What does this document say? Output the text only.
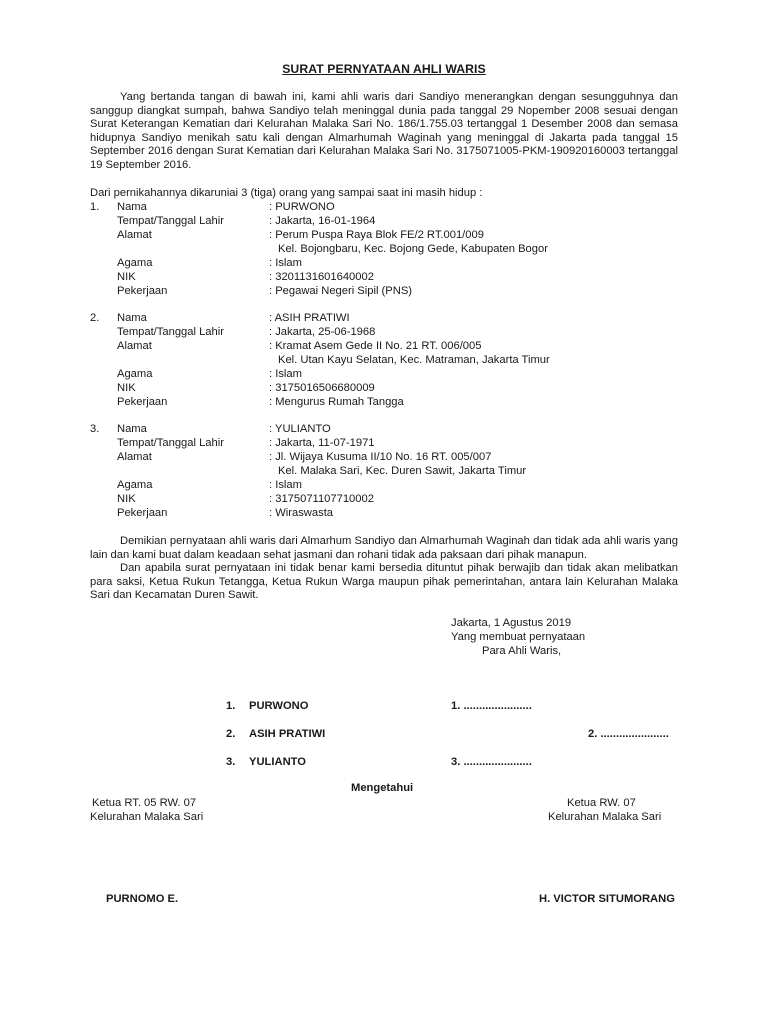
SURAT PERNYATAAN AHLI WARIS
Yang bertanda tangan di bawah ini, kami ahli waris dari Sandiyo menerangkan dengan sesungguhnya dan sanggup diangkat sumpah, bahwa Sandiyo telah meninggal dunia pada tanggal 29 Nopember 2008 sesuai dengan Surat Keterangan Kematian dari Kelurahan Malaka Sari No. 186/1.755.03 tertanggal 1 Desember 2008 dan semasa hidupnya Sandiyo menikah satu kali dengan Almarhumah Waginah yang meninggal di Jakarta pada tanggal 15 September 2016 dengan Surat Kematian dari Kelurahan Malaka Sari No. 3175071005-PKM-190920160003 tertanggal 19 September 2016.
Dari pernikahannya dikaruniai 3 (tiga) orang yang sampai saat ini masih hidup :
1. Nama	: PURWONO
Tempat/Tanggal Lahir	: Jakarta, 16-01-1964
Alamat	: Perum Puspa Raya Blok FE/2 RT.001/009
Kel. Bojongbaru, Kec. Bojong Gede, Kabupaten Bogor
Agama	: Islam
NIK	: 3201131601640002
Pekerjaan	: Pegawai Negeri Sipil (PNS)
2. Nama	: ASIH PRATIWI
Tempat/Tanggal Lahir	: Jakarta, 25-06-1968
Alamat	: Kramat Asem Gede II No. 21 RT. 006/005
Kel. Utan Kayu Selatan, Kec. Matraman, Jakarta Timur
Agama	: Islam
NIK	: 3175016506680009
Pekerjaan	: Mengurus Rumah Tangga
3. Nama	: YULIANTO
Tempat/Tanggal Lahir	: Jakarta, 11-07-1971
Alamat	: Jl. Wijaya Kusuma II/10 No. 16 RT. 005/007
Kel. Malaka Sari, Kec. Duren Sawit, Jakarta Timur
Agama	: Islam
NIK	: 3175071107710002
Pekerjaan	: Wiraswasta
Demikian pernyataan ahli waris dari Almarhum Sandiyo dan Almarhumah Waginah dan tidak ada ahli waris yang lain dan kami buat dalam keadaan sehat jasmani dan rohani tidak ada paksaan dari pihak manapun.
Dan apabila surat pernyataan ini tidak benar kami bersedia dituntut pihak berwajib dan tidak akan melibatkan para saksi, Ketua Rukun Tetangga, Ketua Rukun Warga maupun pihak pemerintahan, antara lain Kelurahan Malaka Sari dan Kecamatan Duren Sawit.
Jakarta, 1 Agustus 2019
Yang membuat pernyataan
Para Ahli Waris,
1. PURWONO	1. ......................
2. ASIH PRATIWI	2. ......................
3. YULIANTO	3. ......................
Mengetahui
Ketua RT. 05 RW. 07
Kelurahan Malaka Sari
Ketua RW. 07
Kelurahan Malaka Sari
PURNOMO E.	H. VICTOR SITUMORANG
